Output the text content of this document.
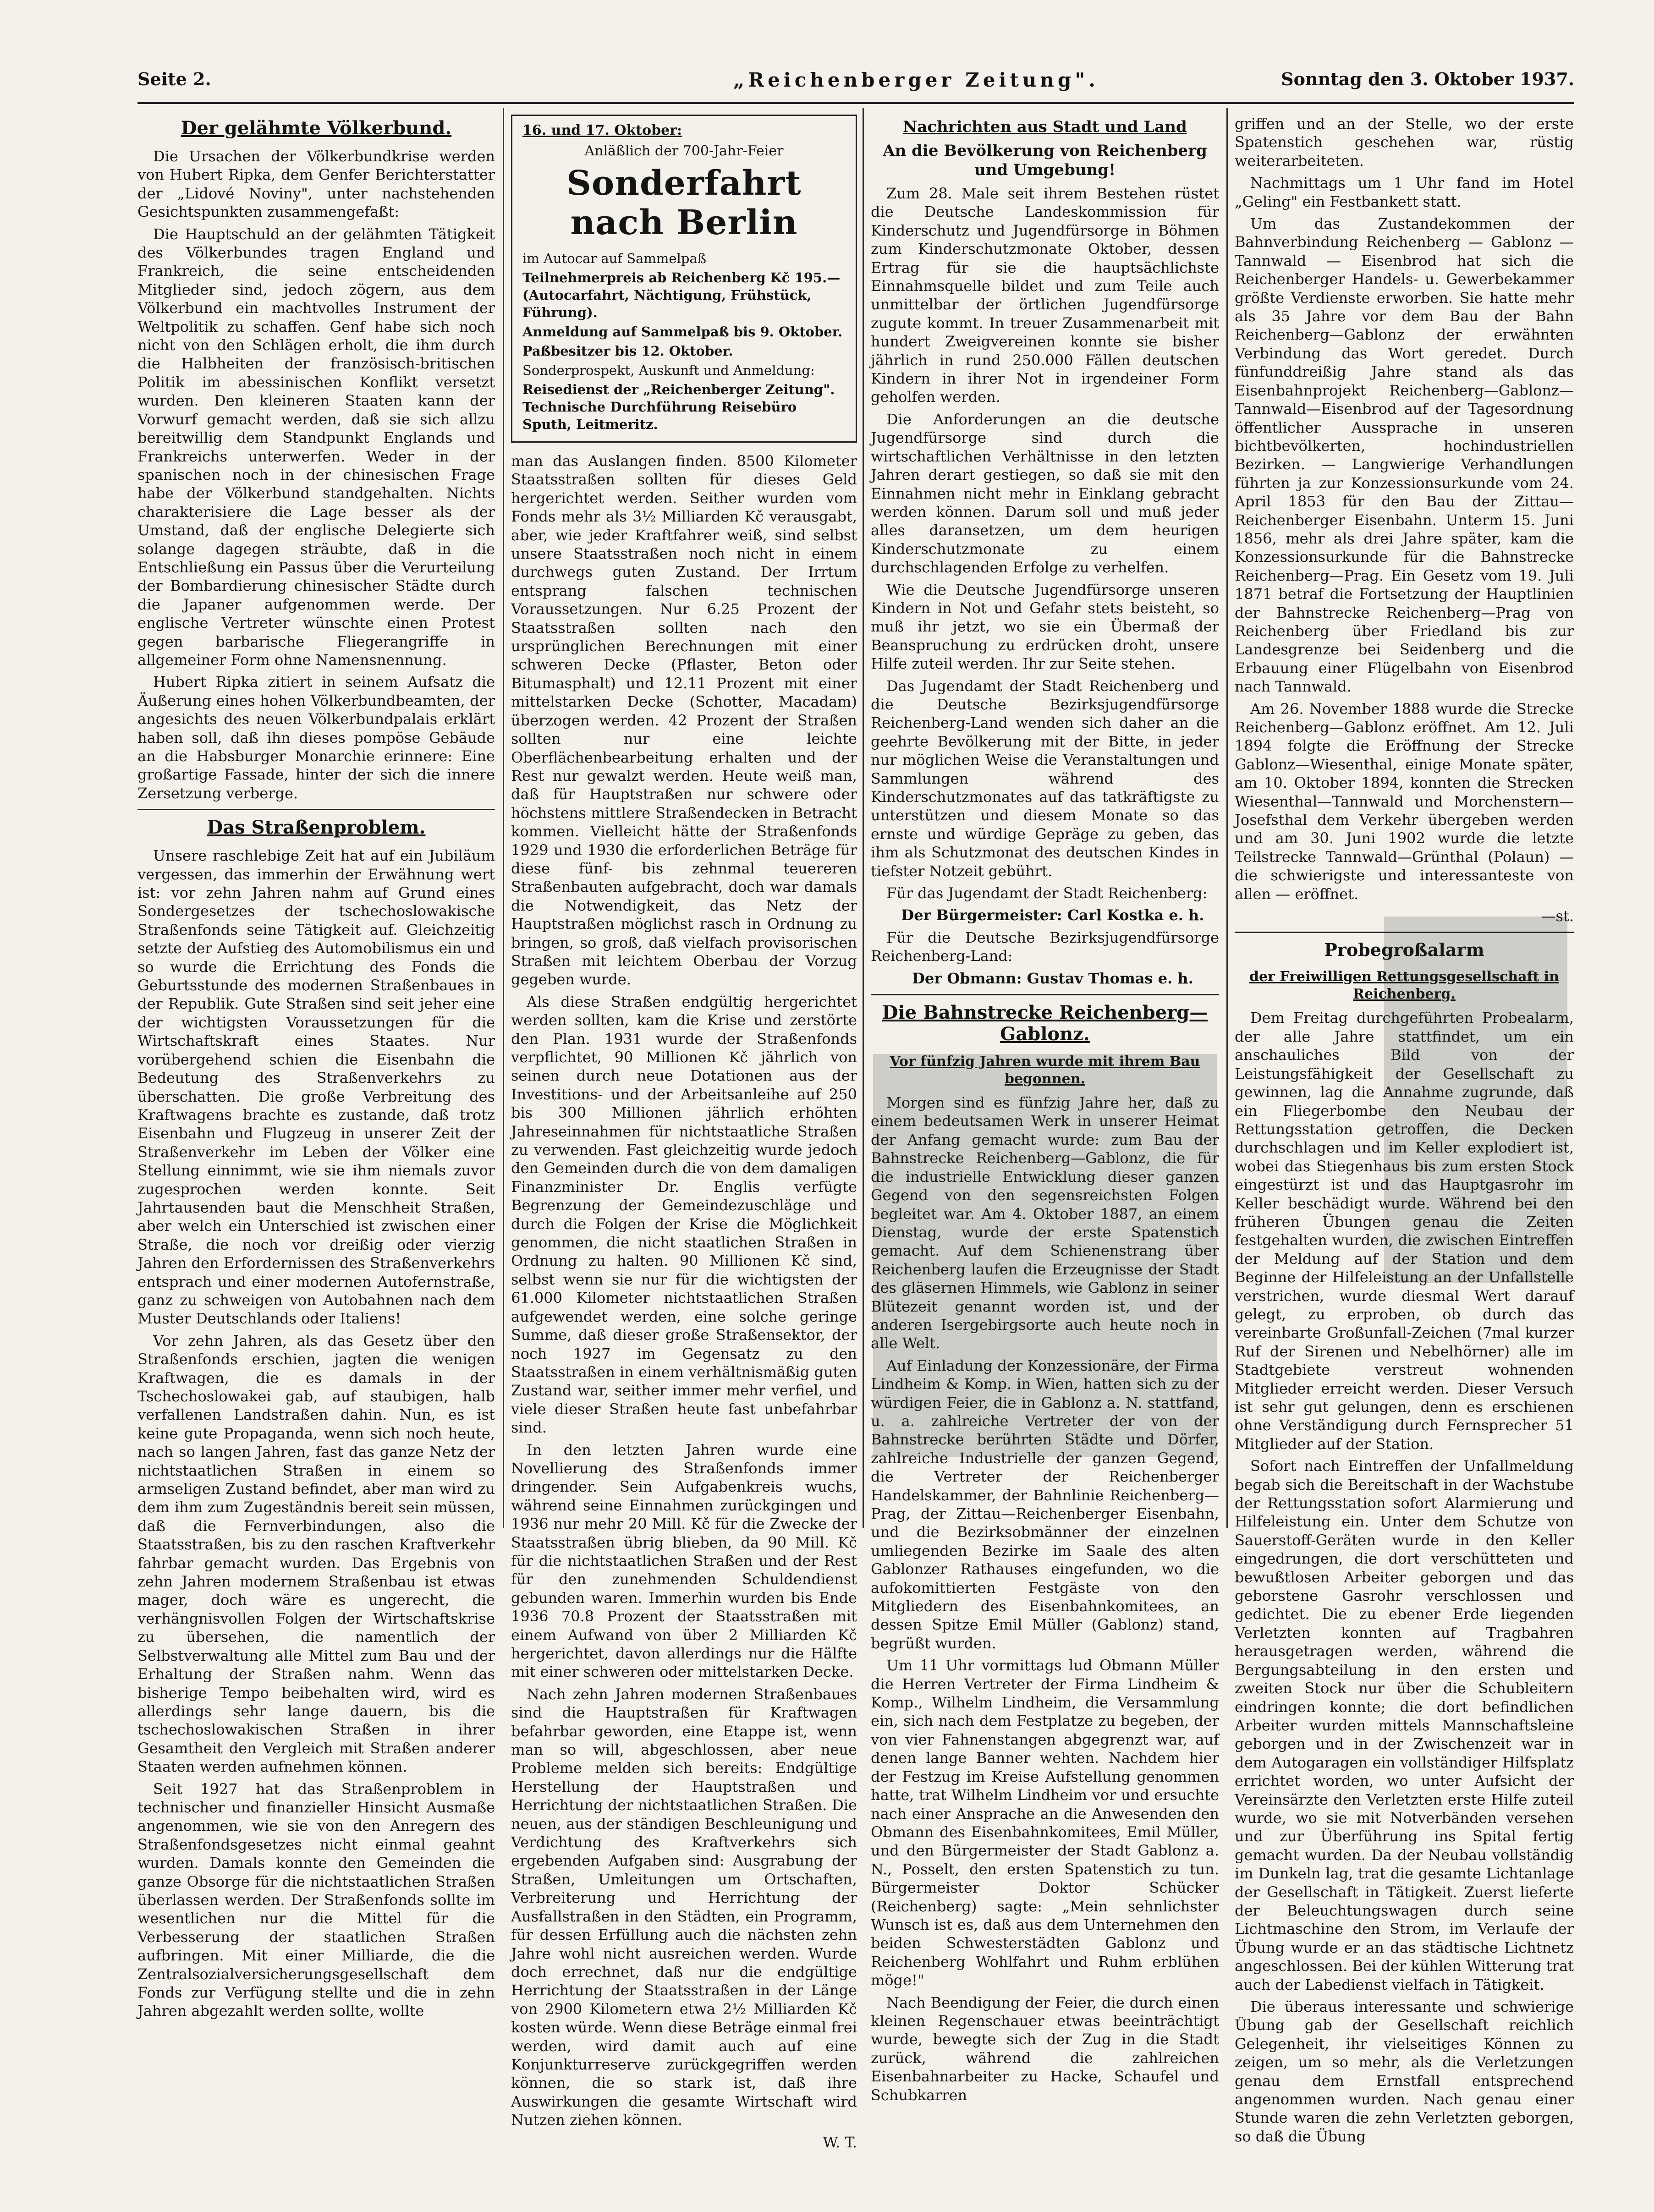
Seite 2.	„Reichenberger Zeitung".	Sonntag den 3. Oktober 1937.
Der gelähmte Völkerbund.

Die Ursachen der Völkerbundkrise werden von Hubert Ripka, dem Genfer Berichterstatter der „Lidové Noviny", unter nachstehenden Gesichtspunkten zusammengefaßt:

Die Hauptschuld an der gelähmten Tätigkeit des Völkerbundes tragen England und Frankreich, die seine entscheidenden Mitglieder sind, jedoch zögern, aus dem Völkerbund ein machtvolles Instrument der Weltpolitik zu schaffen. Genf habe sich noch nicht von den Schlägen erholt, die ihm durch die Halbheiten der französisch-britischen Politik im abessinischen Konflikt versetzt wurden. Den kleineren Staaten kann der Vorwurf gemacht werden, daß sie sich allzu bereitwillig dem Standpunkt Englands und Frankreichs unterwerfen. Weder in der spanischen noch in der chinesischen Frage habe der Völkerbund standgehalten. Nichts charakterisiere die Lage besser als der Umstand, daß der englische Delegierte sich solange dagegen sträubte, daß in die Entschließung ein Passus über die Verurteilung der Bombardierung chinesischer Städte durch die Japaner aufgenommen werde. Der englische Vertreter wünschte einen Protest gegen barbarische Fliegerangriffe in allgemeiner Form ohne Namensnennung.

Hubert Ripka zitiert in seinem Aufsatz die Äußerung eines hohen Völkerbundbeamten, der angesichts des neuen Völkerbundpalais erklärt haben soll, daß ihn dieses pompöse Gebäude an die Habsburger Monarchie erinnere: Eine großartige Fassade, hinter der sich die innere Zersetzung verberge.

Das Straßenproblem.

Unsere raschlebige Zeit hat auf ein Jubiläum vergessen, das immerhin der Erwähnung wert ist: vor zehn Jahren nahm auf Grund eines Sondergesetzes der tschechoslowakische Straßenfonds seine Tätigkeit auf. Gleichzeitig setzte der Aufstieg des Automobilismus ein und so wurde die Errichtung des Fonds die Geburtsstunde des modernen Straßenbaues in der Republik. Gute Straßen sind seit jeher eine der wichtigsten Voraussetzungen für die Wirtschaftskraft eines Staates. Nur vorübergehend schien die Eisenbahn die Bedeutung des Straßenverkehrs zu überschatten. Die große Verbreitung des Kraftwagens brachte es zustande, daß trotz Eisenbahn und Flugzeug in unserer Zeit der Straßenverkehr im Leben der Völker eine Stellung einnimmt, wie sie ihm niemals zuvor zugesprochen werden konnte. Seit Jahrtausenden baut die Menschheit Straßen, aber welch ein Unterschied ist zwischen einer Straße, die noch vor dreißig oder vierzig Jahren den Erfordernissen des Straßenverkehrs entsprach und einer modernen Autofernstraße, ganz zu schweigen von Autobahnen nach dem Muster Deutschlands oder Italiens!

Vor zehn Jahren, als das Gesetz über den Straßenfonds erschien, jagten die wenigen Kraftwagen, die es damals in der Tschechoslowakei gab, auf staubigen, halb verfallenen Landstraßen dahin. Nun, es ist keine gute Propaganda, wenn sich noch heute, nach so langen Jahren, fast das ganze Netz der nichtstaatlichen Straßen in einem so armseligen Zustand befindet, aber man wird zu dem ihm zum Zugeständnis bereit sein müssen, daß die Fernverbindungen, also die Staatsstraßen, bis zu den raschen Kraftverkehr fahrbar gemacht wurden. Das Ergebnis von zehn Jahren modernem Straßenbau ist etwas mager, doch wäre es ungerecht, die verhängnisvollen Folgen der Wirtschaftskrise zu übersehen, die namentlich der Selbstverwaltung alle Mittel zum Bau und der Erhaltung der Straßen nahm. Wenn das bisherige Tempo beibehalten wird, wird es allerdings sehr lange dauern, bis die tschechoslowakischen Straßen in ihrer Gesamtheit den Vergleich mit Straßen anderer Staaten werden aufnehmen können.

Seit 1927 hat das Straßenproblem in technischer und finanzieller Hinsicht Ausmaße angenommen, wie sie von den Anregern des Straßenfondsgesetzes nicht einmal geahnt wurden. Damals konnte den Gemeinden die ganze Obsorge für die nichtstaatlichen Straßen überlassen werden. Der Straßenfonds sollte im wesentlichen nur die Mittel für die Verbesserung der staatlichen Straßen aufbringen. Mit einer Milliarde, die die Zentralsozialversicherungsgesellschaft dem Fonds zur Verfügung stellte und die in zehn Jahren abgezahlt werden sollte, wollte

16. und 17. Oktober:
Anläßlich der 700-Jahr-Feier
Sonderfahrt nach Berlin
im Autocar auf Sammelpaß
Teilnehmerpreis ab Reichenberg Kč 195.— (Autocarfahrt, Nächtigung, Frühstück, Führung).
Anmeldung auf Sammelpaß bis 9. Oktober.
Paßbesitzer bis 12. Oktober.
Sonderprospekt, Auskunft und Anmeldung:
Reisedienst der „Reichenberger Zeitung". Technische Durchführung Reisebüro Sputh, Leitmeritz.

man das Auslangen finden. 8500 Kilometer Staatsstraßen sollten für dieses Geld hergerichtet werden. Seither wurden vom Fonds mehr als 3½ Milliarden Kč verausgabt, aber, wie jeder Kraftfahrer weiß, sind selbst unsere Staatsstraßen noch nicht in einem durchwegs guten Zustand. Der Irrtum entsprang falschen technischen Voraussetzungen. Nur 6.25 Prozent der Staatsstraßen sollten nach den ursprünglichen Berechnungen mit einer schweren Decke (Pflaster, Beton oder Bitumasphalt) und 12.11 Prozent mit einer mittelstarken Decke (Schotter, Macadam) überzogen werden. 42 Prozent der Straßen sollten nur eine leichte Oberflächenbearbeitung erhalten und der Rest nur gewalzt werden. Heute weiß man, daß für Hauptstraßen nur schwere oder höchstens mittlere Straßendecken in Betracht kommen. Vielleicht hätte der Straßenfonds 1929 und 1930 die erforderlichen Beträge für diese fünf- bis zehnmal teuereren Straßenbauten aufgebracht, doch war damals die Notwendigkeit, das Netz der Hauptstraßen möglichst rasch in Ordnung zu bringen, so groß, daß vielfach provisorischen Straßen mit leichtem Oberbau der Vorzug gegeben wurde.

Als diese Straßen endgültig hergerichtet werden sollten, kam die Krise und zerstörte den Plan. 1931 wurde der Straßenfonds verpflichtet, 90 Millionen Kč jährlich von seinen durch neue Dotationen aus der Investitions- und der Arbeitsanleihe auf 250 bis 300 Millionen jährlich erhöhten Jahreseinnahmen für nichtstaatliche Straßen zu verwenden. Fast gleichzeitig wurde jedoch den Gemeinden durch die von dem damaligen Finanzminister Dr. Englis verfügte Begrenzung der Gemeindezuschläge und durch die Folgen der Krise die Möglichkeit genommen, die nicht staatlichen Straßen in Ordnung zu halten. 90 Millionen Kč sind, selbst wenn sie nur für die wichtigsten der 61.000 Kilometer nichtstaatlichen Straßen aufgewendet werden, eine solche geringe Summe, daß dieser große Straßensektor, der noch 1927 im Gegensatz zu den Staatsstraßen in einem verhältnismäßig guten Zustand war, seither immer mehr verfiel, und viele dieser Straßen heute fast unbefahrbar sind.

In den letzten Jahren wurde eine Novellierung des Straßenfonds immer dringender. Sein Aufgabenkreis wuchs, während seine Einnahmen zurückgingen und 1936 nur mehr 20 Mill. Kč für die Zwecke der Staatsstraßen übrig blieben, da 90 Mill. Kč für die nichtstaatlichen Straßen und der Rest für den zunehmenden Schuldendienst gebunden waren. Immerhin wurden bis Ende 1936 70.8 Prozent der Staatsstraßen mit einem Aufwand von über 2 Milliarden Kč hergerichtet, davon allerdings nur die Hälfte mit einer schweren oder mittelstarken Decke.

Nach zehn Jahren modernen Straßenbaues sind die Hauptstraßen für Kraftwagen befahrbar geworden, eine Etappe ist, wenn man so will, abgeschlossen, aber neue Probleme melden sich bereits: Endgültige Herstellung der Hauptstraßen und Herrichtung der nichtstaatlichen Straßen. Die neuen, aus der ständigen Beschleunigung und Verdichtung des Kraftverkehrs sich ergebenden Aufgaben sind: Ausgrabung der Straßen, Umleitungen um Ortschaften, Verbreiterung und Herrichtung der Ausfallstraßen in den Städten, ein Programm, für dessen Erfüllung auch die nächsten zehn Jahre wohl nicht ausreichen werden. Wurde doch errechnet, daß nur die endgültige Herrichtung der Staatsstraßen in der Länge von 2900 Kilometern etwa 2½ Milliarden Kč kosten würde. Wenn diese Beträge einmal frei werden, wird damit auch auf eine Konjunkturreserve zurückgegriffen werden können, die so stark ist, daß ihre Auswirkungen die gesamte Wirtschaft wird Nutzen ziehen können.

W. T.

Nachrichten aus Stadt und Land
An die Bevölkerung von Reichenberg und Umgebung!

Zum 28. Male seit ihrem Bestehen rüstet die Deutsche Landeskommission für Kinderschutz und Jugendfürsorge in Böhmen zum Kinderschutzmonate Oktober, dessen Ertrag für sie die hauptsächlichste Einnahmsquelle bildet und zum Teile auch unmittelbar der örtlichen Jugendfürsorge zugute kommt. In treuer Zusammenarbeit mit hundert Zweigvereinen konnte sie bisher jährlich in rund 250.000 Fällen deutschen Kindern in ihrer Not in irgendeiner Form geholfen werden.

Die Anforderungen an die deutsche Jugendfürsorge sind durch die wirtschaftlichen Verhältnisse in den letzten Jahren derart gestiegen, so daß sie mit den Einnahmen nicht mehr in Einklang gebracht werden können. Darum soll und muß jeder alles daransetzen, um dem heurigen Kinderschutzmonate zu einem durchschlagenden Erfolge zu verhelfen.

Wie die Deutsche Jugendfürsorge unseren Kindern in Not und Gefahr stets beisteht, so muß ihr jetzt, wo sie ein Übermaß der Beanspruchung zu erdrücken droht, unsere Hilfe zuteil werden. Ihr zur Seite stehen.

Das Jugendamt der Stadt Reichenberg und die Deutsche Bezirksjugendfürsorge Reichenberg-Land wenden sich daher an die geehrte Bevölkerung mit der Bitte, in jeder nur möglichen Weise die Veranstaltungen und Sammlungen während des Kinderschutzmonates auf das tatkräftigste zu unterstützen und diesem Monate so das ernste und würdige Gepräge zu geben, das ihm als Schutzmonat des deutschen Kindes in tiefster Notzeit gebührt.

Für das Jugendamt der Stadt Reichenberg:

Der Bürgermeister: Carl Kostka e. h.

Für die Deutsche Bezirksjugendfürsorge Reichenberg-Land:

Der Obmann: Gustav Thomas e. h.

Die Bahnstrecke Reichenberg—Gablonz.
Vor fünfzig Jahren wurde mit ihrem Bau begonnen.

Morgen sind es fünfzig Jahre her, daß zu einem bedeutsamen Werk in unserer Heimat der Anfang gemacht wurde: zum Bau der Bahnstrecke Reichenberg—Gablonz, die für die industrielle Entwicklung dieser ganzen Gegend von den segensreichsten Folgen begleitet war. Am 4. Oktober 1887, an einem Dienstag, wurde der erste Spatenstich gemacht. Auf dem Schienenstrang über Reichenberg laufen die Erzeugnisse der Stadt des gläsernen Himmels, wie Gablonz in seiner Blütezeit genannt worden ist, und der anderen Isergebirgsorte auch heute noch in alle Welt.

Auf Einladung der Konzessionäre, der Firma Lindheim & Komp. in Wien, hatten sich zu der würdigen Feier, die in Gablonz a. N. stattfand, u. a. zahlreiche Vertreter der von der Bahnstrecke berührten Städte und Dörfer, zahlreiche Industrielle der ganzen Gegend, die Vertreter der Reichenberger Handelskammer, der Bahnlinie Reichenberg—Prag, der Zittau—Reichenberger Eisenbahn, und die Bezirksobmänner der einzelnen umliegenden Bezirke im Saale des alten Gablonzer Rathauses eingefunden, wo die aufokomittierten Festgäste von den Mitgliedern des Eisenbahnkomitees, an dessen Spitze Emil Müller (Gablonz) stand, begrüßt wurden.

Um 11 Uhr vormittags lud Obmann Müller die Herren Vertreter der Firma Lindheim & Komp., Wilhelm Lindheim, die Versammlung ein, sich nach dem Festplatze zu begeben, der von vier Fahnenstangen abgegrenzt war, auf denen lange Banner wehten. Nachdem hier der Festzug im Kreise Aufstellung genommen hatte, trat Wilhelm Lindheim vor und ersuchte nach einer Ansprache an die Anwesenden den Obmann des Eisenbahnkomitees, Emil Müller, und den Bürgermeister der Stadt Gablonz a. N., Posselt, den ersten Spatenstich zu tun. Bürgermeister Doktor Schücker (Reichenberg) sagte: „Mein sehnlichster Wunsch ist es, daß aus dem Unternehmen den beiden Schwesterstädten Gablonz und Reichenberg Wohlfahrt und Ruhm erblühen möge!"

Nach Beendigung der Feier, die durch einen kleinen Regenschauer etwas beeinträchtigt wurde, bewegte sich der Zug in die Stadt zurück, während die zahlreichen Eisenbahnarbeiter zu Hacke, Schaufel und Schubkarren

griffen und an der Stelle, wo der erste Spatenstich geschehen war, rüstig weiterarbeiteten.

Nachmittags um 1 Uhr fand im Hotel „Geling" ein Festbankett statt.

Um das Zustandekommen der Bahnverbindung Reichenberg — Gablonz — Tannwald — Eisenbrod hat sich die Reichenberger Handels- u. Gewerbekammer größte Verdienste erworben. Sie hatte mehr als 35 Jahre vor dem Bau der Bahn Reichenberg—Gablonz der erwähnten Verbindung das Wort geredet. Durch fünfunddreißig Jahre stand als das Eisenbahnprojekt Reichenberg—Gablonz—Tannwald—Eisenbrod auf der Tagesordnung öffentlicher Aussprache in unseren bichtbevölkerten, hochindustriellen Bezirken. — Langwierige Verhandlungen führten ja zur Konzessionsurkunde vom 24. April 1853 für den Bau der Zittau—Reichenberger Eisenbahn. Unterm 15. Juni 1856, mehr als drei Jahre später, kam die Konzessionsurkunde für die Bahnstrecke Reichenberg—Prag. Ein Gesetz vom 19. Juli 1871 betraf die Fortsetzung der Hauptlinien der Bahnstrecke Reichenberg—Prag von Reichenberg über Friedland bis zur Landesgrenze bei Seidenberg und die Erbauung einer Flügelbahn von Eisenbrod nach Tannwald.

Am 26. November 1888 wurde die Strecke Reichenberg—Gablonz eröffnet. Am 12. Juli 1894 folgte die Eröffnung der Strecke Gablonz—Wiesenthal, einige Monate später, am 10. Oktober 1894, konnten die Strecken Wiesenthal—Tannwald und Morchenstern—Josefsthal dem Verkehr übergeben werden und am 30. Juni 1902 wurde die letzte Teilstrecke Tannwald—Grünthal (Polaun) — die schwierigste und interessanteste von allen — eröffnet.

—st.

Probegroßalarm
der Freiwilligen Rettungsgesellschaft in Reichenberg.

Dem Freitag durchgeführten Probealarm, der alle Jahre stattfindet, um ein anschauliches Bild von der Leistungsfähigkeit der Gesellschaft zu gewinnen, lag die Annahme zugrunde, daß ein Fliegerbombe den Neubau der Rettungsstation getroffen, die Decken durchschlagen und im Keller explodiert ist, wobei das Stiegenhaus bis zum ersten Stock eingestürzt ist und das Hauptgasrohr im Keller beschädigt wurde. Während bei den früheren Übungen genau die Zeiten festgehalten wurden, die zwischen Eintreffen der Meldung auf der Station und dem Beginne der Hilfeleistung an der Unfallstelle verstrichen, wurde diesmal Wert darauf gelegt, zu erproben, ob durch das vereinbarte Großunfall-Zeichen (7mal kurzer Ruf der Sirenen und Nebelhörner) alle im Stadtgebiete verstreut wohnenden Mitglieder erreicht werden. Dieser Versuch ist sehr gut gelungen, denn es erschienen ohne Verständigung durch Fernsprecher 51 Mitglieder auf der Station.

Sofort nach Eintreffen der Unfallmeldung begab sich die Bereitschaft in der Wachstube der Rettungsstation sofort Alarmierung und Hilfeleistung ein. Unter dem Schutze von Sauerstoff-Geräten wurde in den Keller eingedrungen, die dort verschütteten und bewußtlosen Arbeiter geborgen und das geborstene Gasrohr verschlossen und gedichtet. Die zu ebener Erde liegenden Verletzten konnten auf Tragbahren herausgetragen werden, während die Bergungsabteilung in den ersten und zweiten Stock nur über die Schubleitern eindringen konnte; die dort befindlichen Arbeiter wurden mittels Mannschaftsleine geborgen und in der Zwischenzeit war in dem Autogaragen ein vollständiger Hilfsplatz errichtet worden, wo unter Aufsicht der Vereinsärzte den Verletzten erste Hilfe zuteil wurde, wo sie mit Notverbänden versehen und zur Überführung ins Spital fertig gemacht wurden. Da der Neubau vollständig im Dunkeln lag, trat die gesamte Lichtanlage der Gesellschaft in Tätigkeit. Zuerst lieferte der Beleuchtungswagen durch seine Lichtmaschine den Strom, im Verlaufe der Übung wurde er an das städtische Lichtnetz angeschlossen. Bei der kühlen Witterung trat auch der Labedienst vielfach in Tätigkeit.

Die überaus interessante und schwierige Übung gab der Gesellschaft reichlich Gelegenheit, ihr vielseitiges Können zu zeigen, um so mehr, als die Verletzungen genau dem Ernstfall entsprechend angenommen wurden. Nach genau einer Stunde waren die zehn Verletzten geborgen, so daß die Übung
